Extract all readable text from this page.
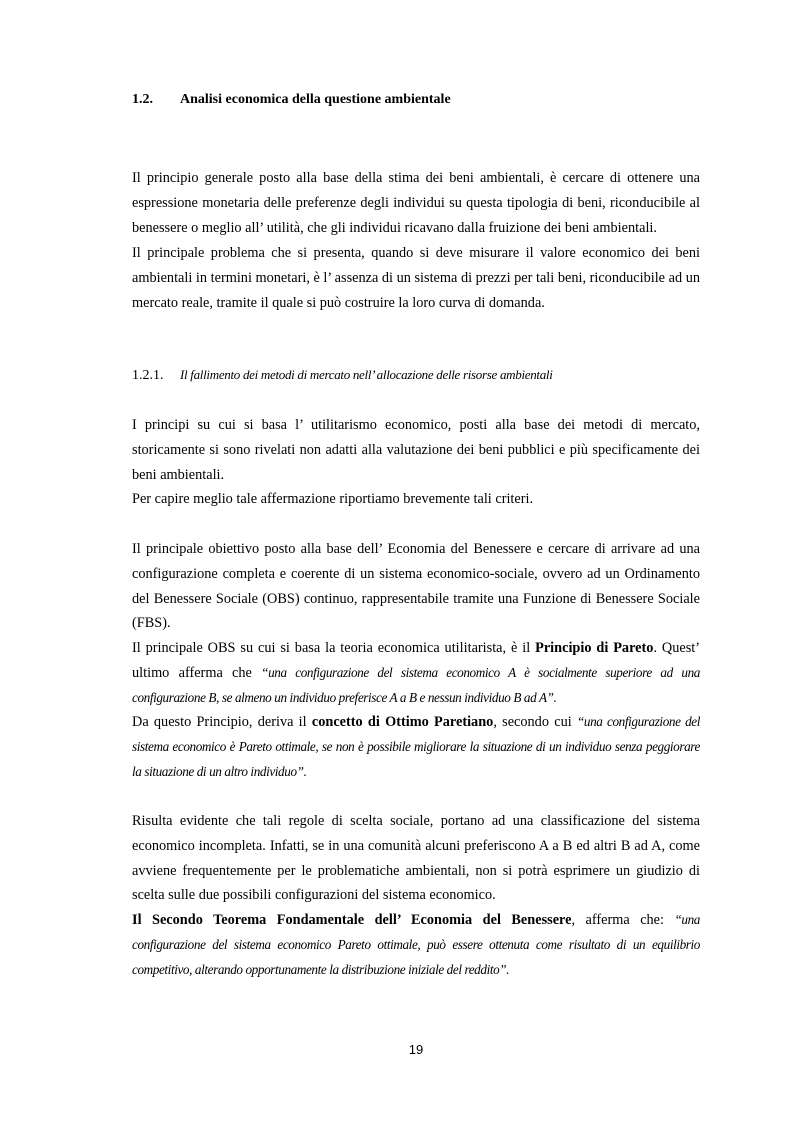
1.2. Analisi economica della questione ambientale

Il principio generale posto alla base della stima dei beni ambientali, è cercare di ottenere una espressione monetaria delle preferenze degli individui su questa tipologia di beni, riconducibile al benessere o meglio all’ utilità, che gli individui ricavano dalla fruizione dei beni ambientali.

Il principale problema che si presenta, quando si deve misurare il valore economico dei beni ambientali in termini monetari, è l’ assenza di un sistema di prezzi per tali beni, riconducibile ad un mercato reale, tramite il quale si può costruire la loro curva di domanda.

1.2.1. Il fallimento dei metodi di mercato nell’ allocazione delle risorse ambientali

I principi su cui si basa l’ utilitarismo economico, posti alla base dei metodi di mercato, storicamente si sono rivelati non adatti alla valutazione dei beni pubblici e più specificamente dei beni ambientali.

Per capire meglio tale affermazione riportiamo brevemente tali criteri.

Il principale obiettivo posto alla base dell’ Economia del Benessere e cercare di arrivare ad una configurazione completa e coerente di un sistema economico-sociale, ovvero ad un Ordinamento del Benessere Sociale (OBS) continuo, rappresentabile tramite una Funzione di Benessere Sociale (FBS).

Il principale OBS su cui si basa la teoria economica utilitarista, è il Principio di Pareto. Quest’ ultimo afferma che “una configurazione del sistema economico A è socialmente superiore ad una configurazione B, se almeno un individuo preferisce A a B e nessun individuo B ad A”.

Da questo Principio, deriva il concetto di Ottimo Paretiano, secondo cui “una configurazione del sistema economico è Pareto ottimale, se non è possibile migliorare la situazione di un individuo senza peggiorare la situazione di un altro individuo”.

Risulta evidente che tali regole di scelta sociale, portano ad una classificazione del sistema economico incompleta. Infatti, se in una comunità alcuni preferiscono A a B ed altri B ad A, come avviene frequentemente per le problematiche ambientali, non si potrà esprimere un giudizio di scelta sulle due possibili configurazioni del sistema economico.

Il Secondo Teorema Fondamentale dell’ Economia del Benessere, afferma che: “una configurazione del sistema economico Pareto ottimale, può essere ottenuta come risultato di un equilibrio competitivo, alterando opportunamente la distribuzione iniziale del reddito”.

19
